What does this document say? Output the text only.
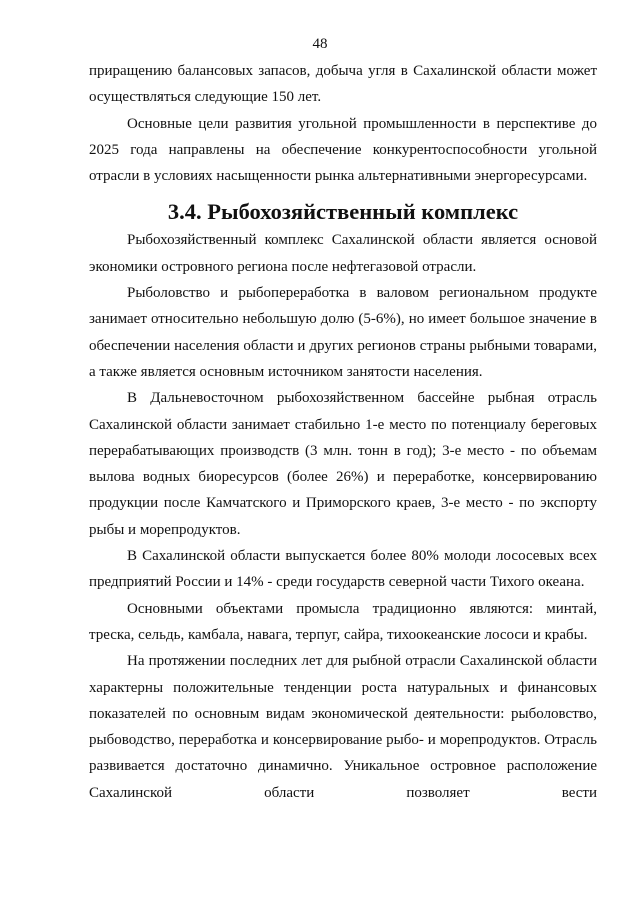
48

приращению балансовых запасов, добыча угля в Сахалинской области может осуществляться следующие 150 лет.

Основные цели развития угольной промышленности в перспективе до 2025 года направлены на обеспечение конкурентоспособности угольной отрасли в условиях насыщенности рынка альтернативными энергоресурсами.

3.4. Рыбохозяйственный комплекс

Рыбохозяйственный комплекс Сахалинской области является основой экономики островного региона после нефтегазовой отрасли.

Рыболовство и рыбопереработка в валовом региональном продукте занимает относительно небольшую долю (5-6%), но имеет большое значение в обеспечении населения области и других регионов страны рыбными товарами, а также является основным источником занятости населения.

В Дальневосточном рыбохозяйственном бассейне рыбная отрасль Сахалинской области занимает стабильно 1-е место по потенциалу береговых перерабатывающих производств (3 млн. тонн в год); 3-е место - по объемам вылова водных биоресурсов (более 26%) и переработке, консервированию продукции после Камчатского и Приморского краев, 3-е место - по экспорту рыбы и морепродуктов.

В Сахалинской области выпускается более 80% молоди лососевых всех предприятий России и 14% - среди государств северной части Тихого океана.

Основными объектами промысла традиционно являются: минтай, треска, сельдь, камбала, навага, терпуг, сайра, тихоокеанские лососи и крабы.

На протяжении последних лет для рыбной отрасли Сахалинской области характерны положительные тенденции роста натуральных и финансовых показателей по основным видам экономической деятельности: рыболовство, рыбоводство, переработка и консервирование рыбо- и морепродуктов. Отрасль развивается достаточно динамично. Уникальное островное расположение Сахалинской области позволяет вести
